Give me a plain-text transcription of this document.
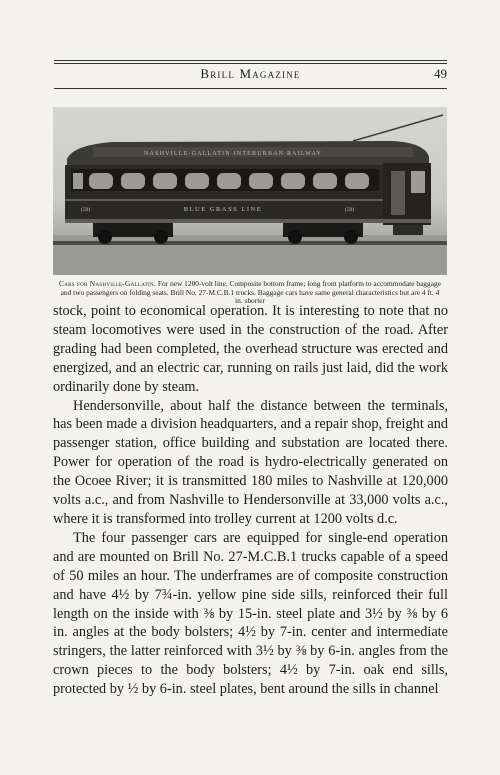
Brill Magazine	49
NASHVILLE-GALLATIN INTERURBAN RAILWAY
BLUE GRASS LINE
(59)	(59)
Cars for Nashville-Gallatin. For new 1200-volt line. Composite bottom frame; long front platform to accommodate baggage and two passengers on folding seats. Brill No. 27-M.C.B.1 trucks. Baggage cars have same general characteristics but are 4 ft. 4 in. shorter

stock, point to economical operation. It is interesting to note that no steam locomotives were used in the construction of the road. After grading had been completed, the overhead structure was erected and energized, and an electric car, running on rails just laid, did the work ordinarily done by steam.

Hendersonville, about half the distance between the terminals, has been made a division headquarters, and a repair shop, freight and passenger station, office building and substation are located there. Power for operation of the road is hydro-electrically generated on the Ocoee River; it is transmitted 180 miles to Nashville at 120,000 volts a.c., and from Nashville to Hendersonville at 33,000 volts a.c., where it is transformed into trolley current at 1200 volts d.c.

The four passenger cars are equipped for single-end operation and are mounted on Brill No. 27-M.C.B.1 trucks capable of a speed of 50 miles an hour. The underframes are of composite construction and have 4½ by 7¾-in. yellow pine side sills, reinforced their full length on the inside with ⅜ by 15-in. steel plate and 3½ by ⅜ by 6 in. angles at the body bolsters; 4½ by 7-in. center and intermediate stringers, the latter reinforced with 3½ by ⅜ by 6-in. angles from the crown pieces to the body bolsters; 4½ by 7-in. oak end sills, protected by ½ by 6-in. steel plates, bent around the sills in channel
